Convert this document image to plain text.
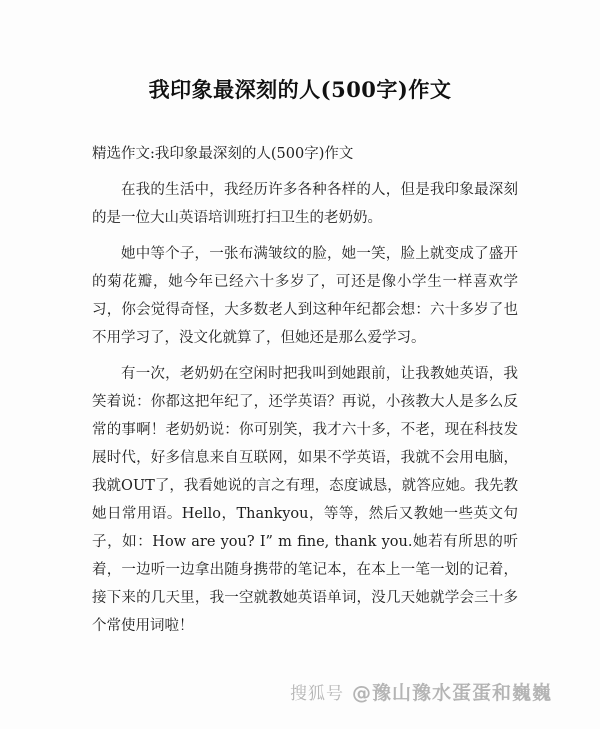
我印象最深刻的人(500字)作文

精选作文:我印象最深刻的人(500字)作文

在我的生活中，我经历许多各种各样的人，但是我印象最深刻的是一位大山英语培训班打扫卫生的老奶奶。

她中等个子，一张布满皱纹的脸，她一笑，脸上就变成了盛开的菊花瓣，她今年已经六十多岁了，可还是像小学生一样喜欢学习，你会觉得奇怪，大多数老人到这种年纪都会想：六十多岁了也不用学习了，没文化就算了，但她还是那么爱学习。

有一次，老奶奶在空闲时把我叫到她跟前，让我教她英语，我笑着说：你都这把年纪了，还学英语？再说，小孩教大人是多么反常的事啊！老奶奶说：你可别笑，我才六十多，不老，现在科技发展时代，好多信息来自互联网，如果不学英语，我就不会用电脑，我就OUT了，我看她说的言之有理，态度诚恳，就答应她。我先教她日常用语。Hello，Thankyou，等等，然后又教她一些英文句子，如：How are you? I” m fine, thank you.她若有所思的听着，一边听一边拿出随身携带的笔记本，在本上一笔一划的记着，接下来的几天里，我一空就教她英语单词，没几天她就学会三十多个常使用词啦！

搜狐号 @豫山豫水蛋蛋和巍巍
